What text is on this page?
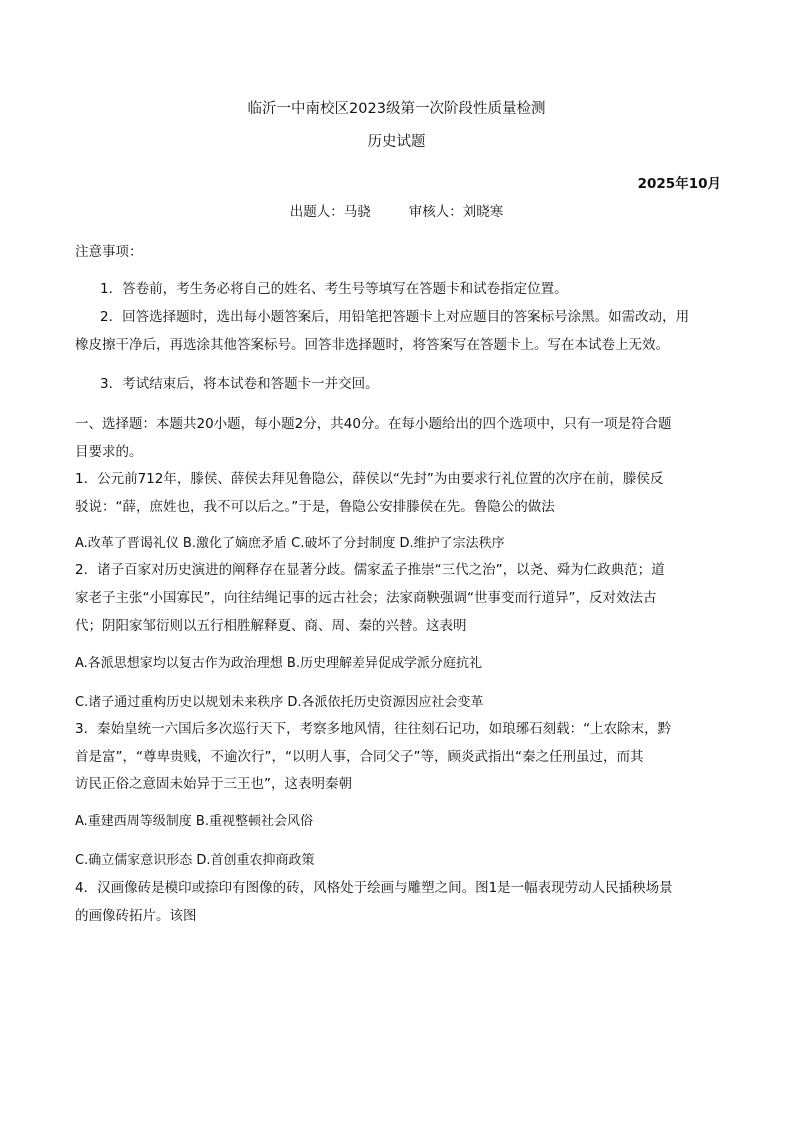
临沂一中南校区2023级第一次阶段性质量检测
历史试题
2025年10月
出题人：马骁	审核人：刘晓寒
注意事项：
1．答卷前，考生务必将自己的姓名、考生号等填写在答题卡和试卷指定位置。
2．回答选择题时，选出每小题答案后，用铅笔把答题卡上对应题目的答案标号涂黑。如需改动，用
橡皮擦干净后，再选涂其他答案标号。回答非选择题时，将答案写在答题卡上。写在本试卷上无效。
3．考试结束后，将本试卷和答题卡一并交回。
一、选择题：本题共20小题，每小题2分，共40分。在每小题给出的四个选项中，只有一项是符合题
目要求的。
1．公元前712年，滕侯、薛侯去拜见鲁隐公，薛侯以“先封”为由要求行礼位置的次序在前，滕侯反
驳说：“薛，庶姓也，我不可以后之。”于是，鲁隐公安排滕侯在先。鲁隐公的做法
A.改革了晋谒礼仪 B.激化了嫡庶矛盾 C.破坏了分封制度 D.维护了宗法秩序
2．诸子百家对历史演进的阐释存在显著分歧。儒家孟子推崇“三代之治”，以尧、舜为仁政典范；道
家老子主张“小国寡民”，向往结绳记事的远古社会；法家商鞅强调“世事变而行道异”，反对效法古
代；阴阳家邹衍则以五行相胜解释夏、商、周、秦的兴替。这表明
A.各派思想家均以复古作为政治理想 B.历史理解差异促成学派分庭抗礼
C.诸子通过重构历史以规划未来秩序 D.各派依托历史资源因应社会变革
3．秦始皇统一六国后多次巡行天下，考察多地风情，往往刻石记功，如琅琊石刻载：“上农除末，黔
首是富”，“尊卑贵贱，不逾次行”，“以明人事，合同父子”等，顾炎武指出“秦之任刑虽过，而其
访民正俗之意固未始异于三王也”，这表明秦朝
A.重建西周等级制度 B.重视整顿社会风俗
C.确立儒家意识形态 D.首创重农抑商政策
4．汉画像砖是模印或捺印有图像的砖，风格处于绘画与雕塑之间。图1是一幅表现劳动人民插秧场景
的画像砖拓片。该图
